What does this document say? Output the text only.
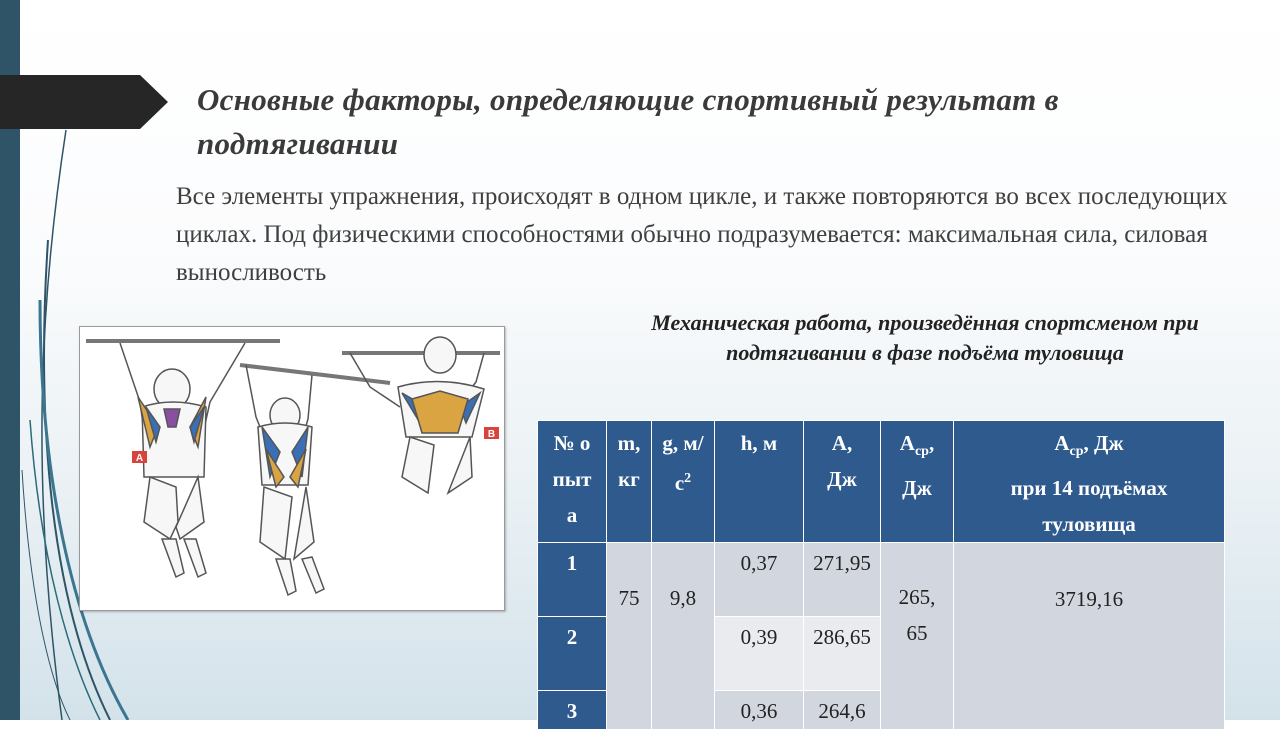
Основные факторы, определяющие спортивный результат в подтягивании
Все элементы упражнения, происходят в одном цикле, и также повторяются во всех последующих циклах. Под физическими способностями обычно подразумевается: максимальная сила, силовая выносливость
А
В
Механическая работа, произведённая спортсменом при подтягивании в фазе подъёма туловища
№ опыта	m, кг	g, $м/с^2$	h, м	А, Дж	$А_{ср}$, Дж	$А_{ср}$, Дж
при 14 подъёмах туловища

1	75	9,8	0,37	271,95	265, 65	3719,16

2			0,39	286,65		

3			0,36	264,6		
